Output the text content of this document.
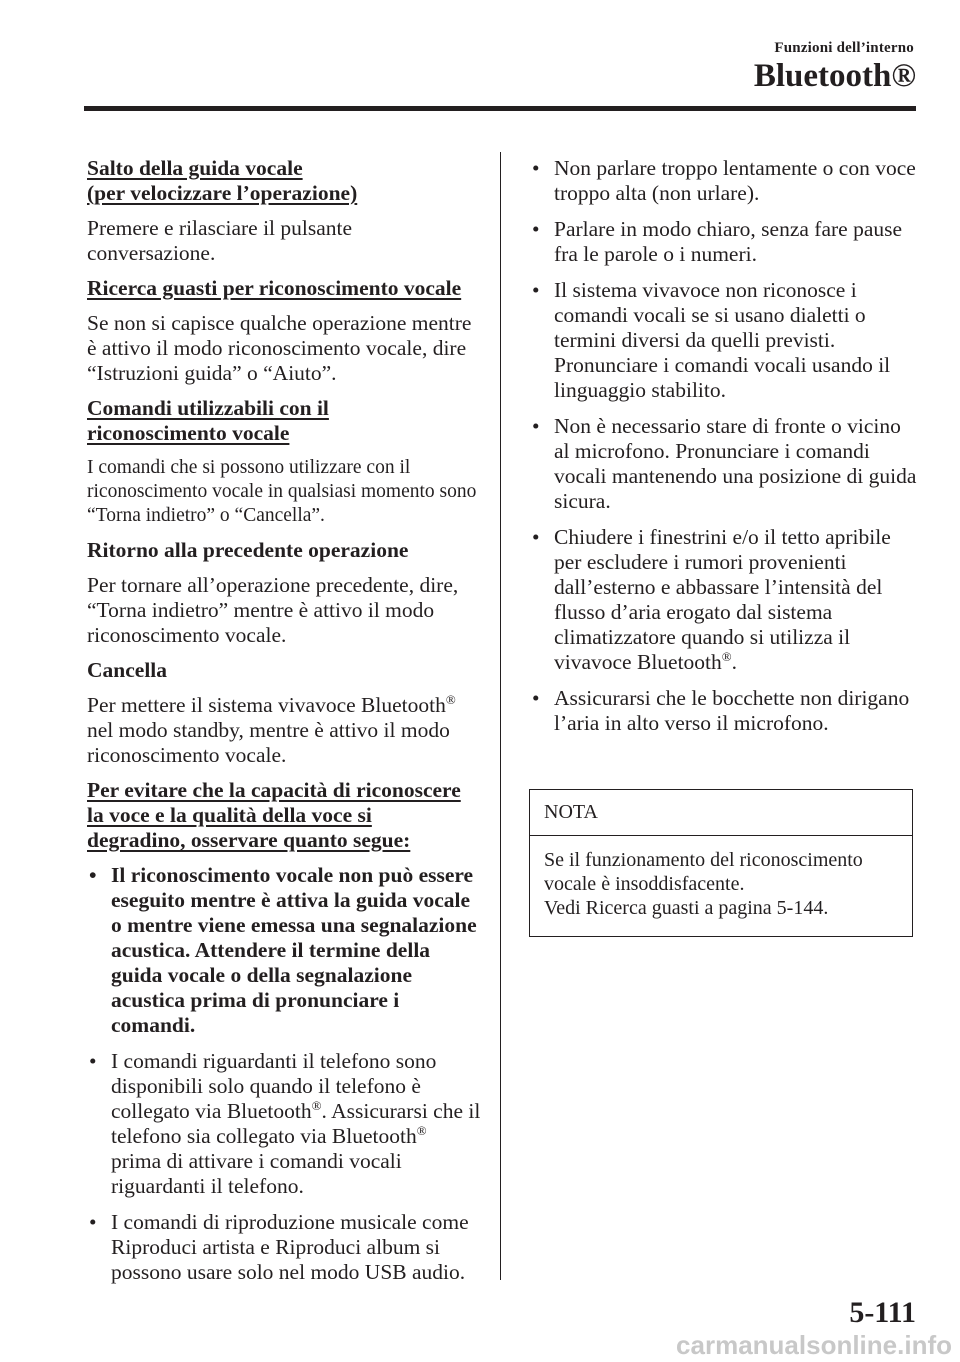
Funzioni dell’interno
Bluetooth®

Salto della guida vocale
(per velocizzare l’operazione)

Premere e rilasciare il pulsante conversazione.

Ricerca guasti per riconoscimento vocale

Se non si capisce qualche operazione mentre è attivo il modo riconoscimento vocale, dire “Istruzioni guida” o “Aiuto”.

Comandi utilizzabili con il
riconoscimento vocale

I comandi che si possono utilizzare con il riconoscimento vocale in qualsiasi momento sono “Torna indietro” o “Cancella”.

Ritorno alla precedente operazione

Per tornare all’operazione precedente, dire, “Torna indietro” mentre è attivo il modo riconoscimento vocale.

Cancella

Per mettere il sistema vivavoce Bluetooth® nel modo standby, mentre è attivo il modo riconoscimento vocale.

Per evitare che la capacità di riconoscere
la voce e la qualità della voce si
degradino, osservare quanto segue:

• Il riconoscimento vocale non può essere eseguito mentre è attiva la guida vocale o mentre viene emessa una segnalazione acustica. Attendere il termine della guida vocale o della segnalazione acustica prima di pronunciare i comandi.
• I comandi riguardanti il telefono sono disponibili solo quando il telefono è collegato via Bluetooth®. Assicurarsi che il telefono sia collegato via Bluetooth® prima di attivare i comandi vocali riguardanti il telefono.
• I comandi di riproduzione musicale come Riproduci artista e Riproduci album si possono usare solo nel modo USB audio.
• Non parlare troppo lentamente o con voce troppo alta (non urlare).
• Parlare in modo chiaro, senza fare pause fra le parole o i numeri.
• Il sistema vivavoce non riconosce i comandi vocali se si usano dialetti o termini diversi da quelli previsti. Pronunciare i comandi vocali usando il linguaggio stabilito.
• Non è necessario stare di fronte o vicino al microfono. Pronunciare i comandi vocali mantenendo una posizione di guida sicura.
• Chiudere i finestrini e/o il tetto apribile per escludere i rumori provenienti dall’esterno e abbassare l’intensità del flusso d’aria erogato dal sistema climatizzatore quando si utilizza il vivavoce Bluetooth®.
• Assicurarsi che le bocchette non dirigano l’aria in alto verso il microfono.
NOTA
Se il funzionamento del riconoscimento vocale è insoddisfacente.
Vedi Ricerca guasti a pagina 5-144.
5-111
carmanualsonline.info
